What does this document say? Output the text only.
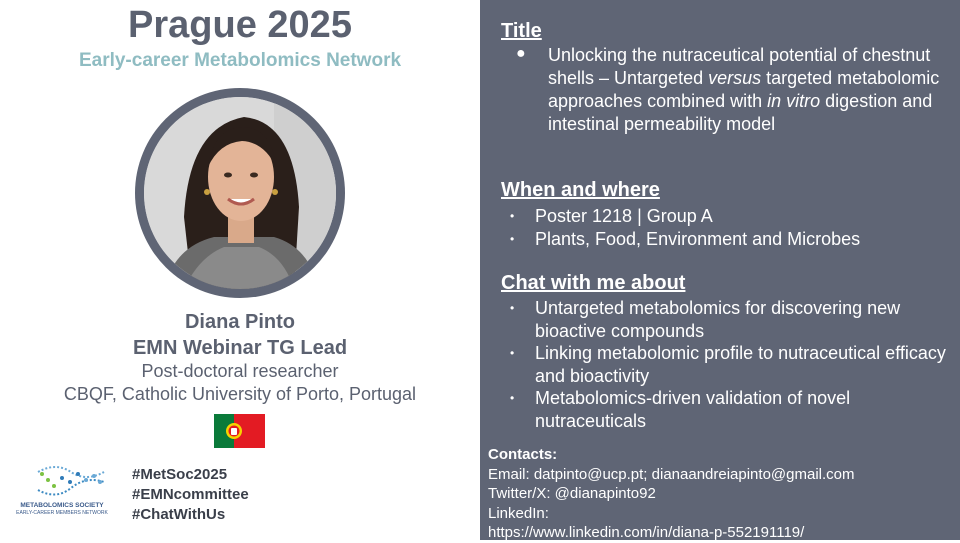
Prague 2025
Early-career Metabolomics Network
Diana Pinto
EMN Webinar TG Lead
Post-doctoral researcher
CBQF, Catholic University of Porto, Portugal
METABOLOMICS SOCIETY
EARLY-CAREER MEMBERS NETWORK
#MetSoc2025
#EMNcommittee
#ChatWithUs
Title
● Unlocking the nutraceutical potential of chestnut shells – Untargeted versus targeted metabolomic approaches combined with in vitro digestion and intestinal permeability model
When and where
• Poster 1218 | Group A
• Plants, Food, Environment and Microbes
Chat with me about
• Untargeted metabolomics for discovering new bioactive compounds
• Linking metabolomic profile to nutraceutical efficacy and bioactivity
• Metabolomics-driven validation of novel nutraceuticals
Contacts:
Email: datpinto@ucp.pt; dianaandreiapinto@gmail.com
Twitter/X: @dianapinto92
LinkedIn:
https://www.linkedin.com/in/diana-p-552191119/
